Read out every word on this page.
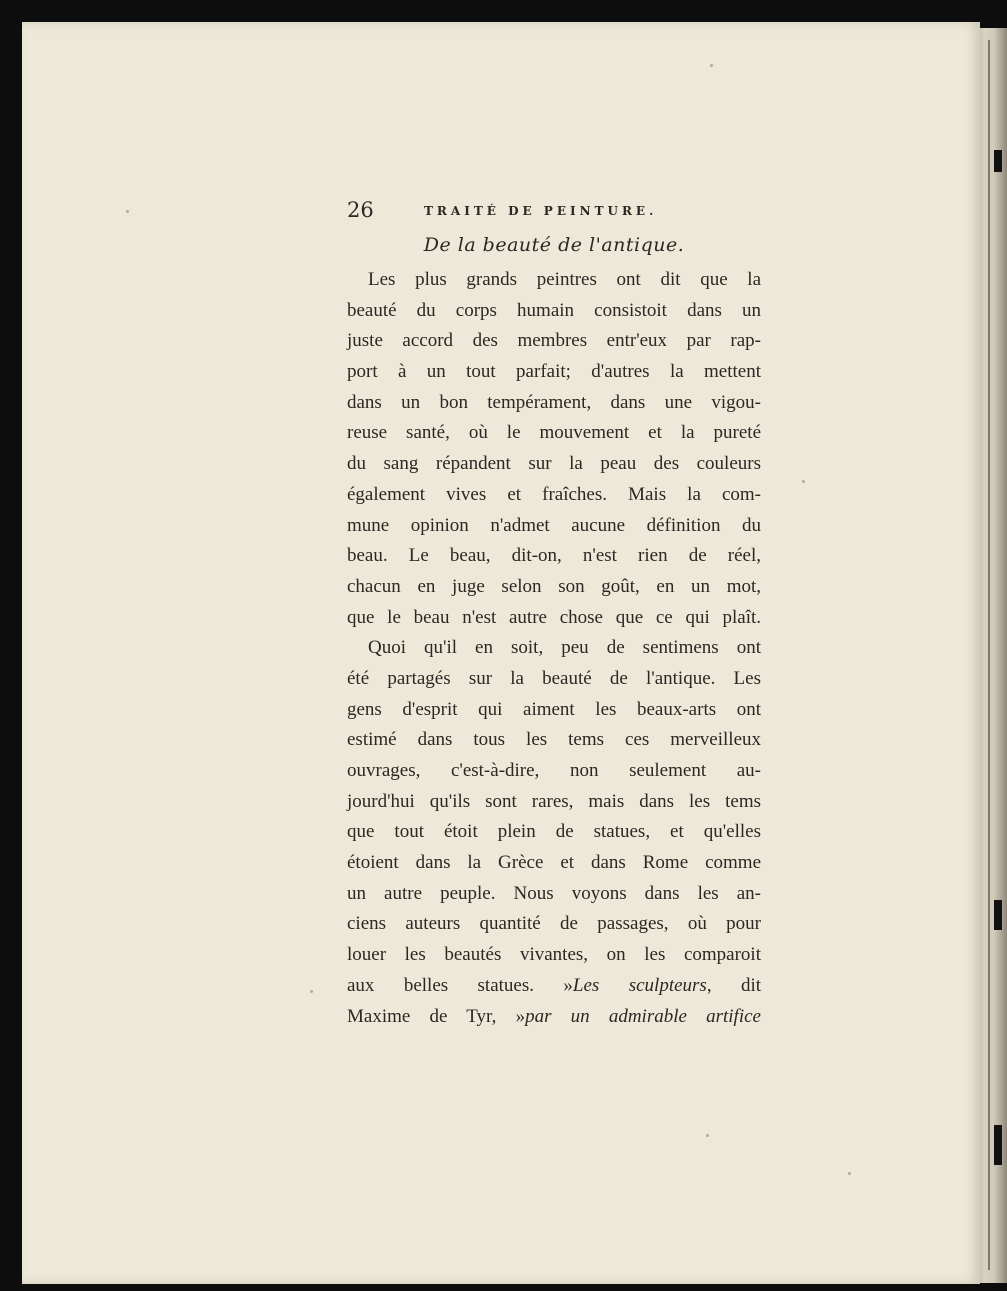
26	TRAITÉ DE PEINTURE.
De la beauté de l'antique.
Les plus grands peintres ont dit que la
beauté du corps humain consistoit dans un
juste accord des membres entr'eux par rap-
port à un tout parfait; d'autres la mettent
dans un bon tempérament, dans une vigou-
reuse santé, où le mouvement et la pureté
du sang répandent sur la peau des couleurs
également vives et fraîches. Mais la com-
mune opinion n'admet aucune définition du
beau. Le beau, dit-on, n'est rien de réel,
chacun en juge selon son goût, en un mot,
que le beau n'est autre chose que ce qui plaît.
Quoi qu'il en soit, peu de sentimens ont
été partagés sur la beauté de l'antique. Les
gens d'esprit qui aiment les beaux-arts ont
estimé dans tous les tems ces merveilleux
ouvrages, c'est-à-dire, non seulement au-
jourd'hui qu'ils sont rares, mais dans les tems
que tout étoit plein de statues, et qu'elles
étoient dans la Grèce et dans Rome comme
un autre peuple. Nous voyons dans les an-
ciens auteurs quantité de passages, où pour
louer les beautés vivantes, on les comparoit
aux belles statues. »Les sculpteurs, dit
Maxime de Tyr, »par un admirable artifice
